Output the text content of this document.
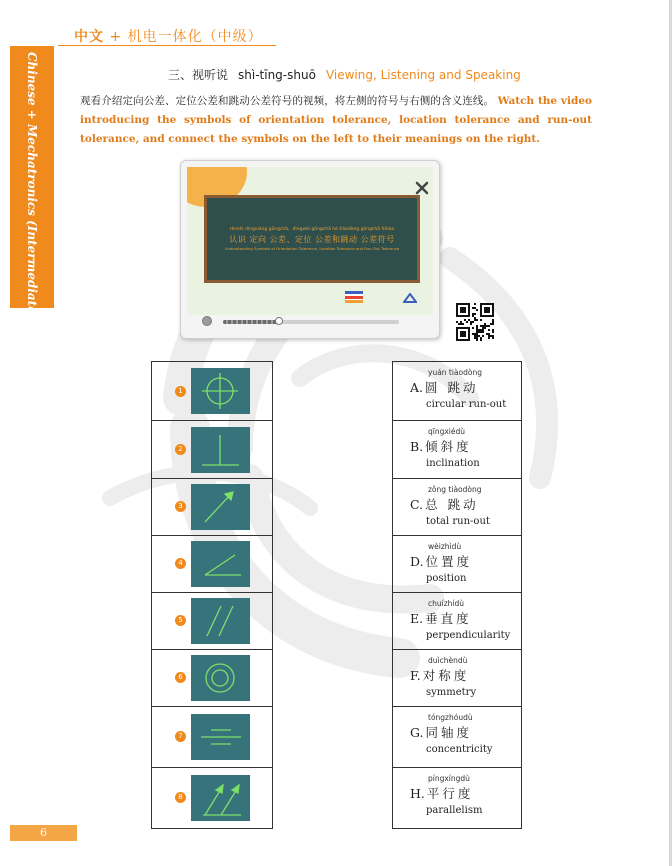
中文 + 机电一体化（中级）
Chinese + Mechatronics (Intermediate)	三、视听说 shì-tīng-shuō Viewing, Listening and Speaking
观看介绍定向公差、定位公差和跳动公差符号的视频，将左侧的符号与右侧的含义连线。 Watch the video introducing the symbols of orientation tolerance, location tolerance and run-out tolerance, and connect the symbols on the left to their meanings on the right.
rènshi dìngxiàng gōngchā、dìngwèi gōngchā hé tiàodòng gōngchā fúhào
认识 定向 公差、定位 公差和跳动 公差符号
Understanding Symbols of Orientation Tolerance, Location Tolerance and Run-Out Tolerance
1
2
3
4
5
6
7
8
yuán tiàodòng
A. 圆 跳动
circular run-out
qīngxiédù
B. 倾斜度
inclination
zǒng tiàodòng
C. 总 跳动
total run-out
wèizhìdù
D. 位置度
position
chuízhídù
E. 垂直度
perpendicularity
duìchèndù
F. 对称度
symmetry
tóngzhóudù
G. 同轴度
concentricity
píngxíngdù
H. 平行度
parallelism
6
